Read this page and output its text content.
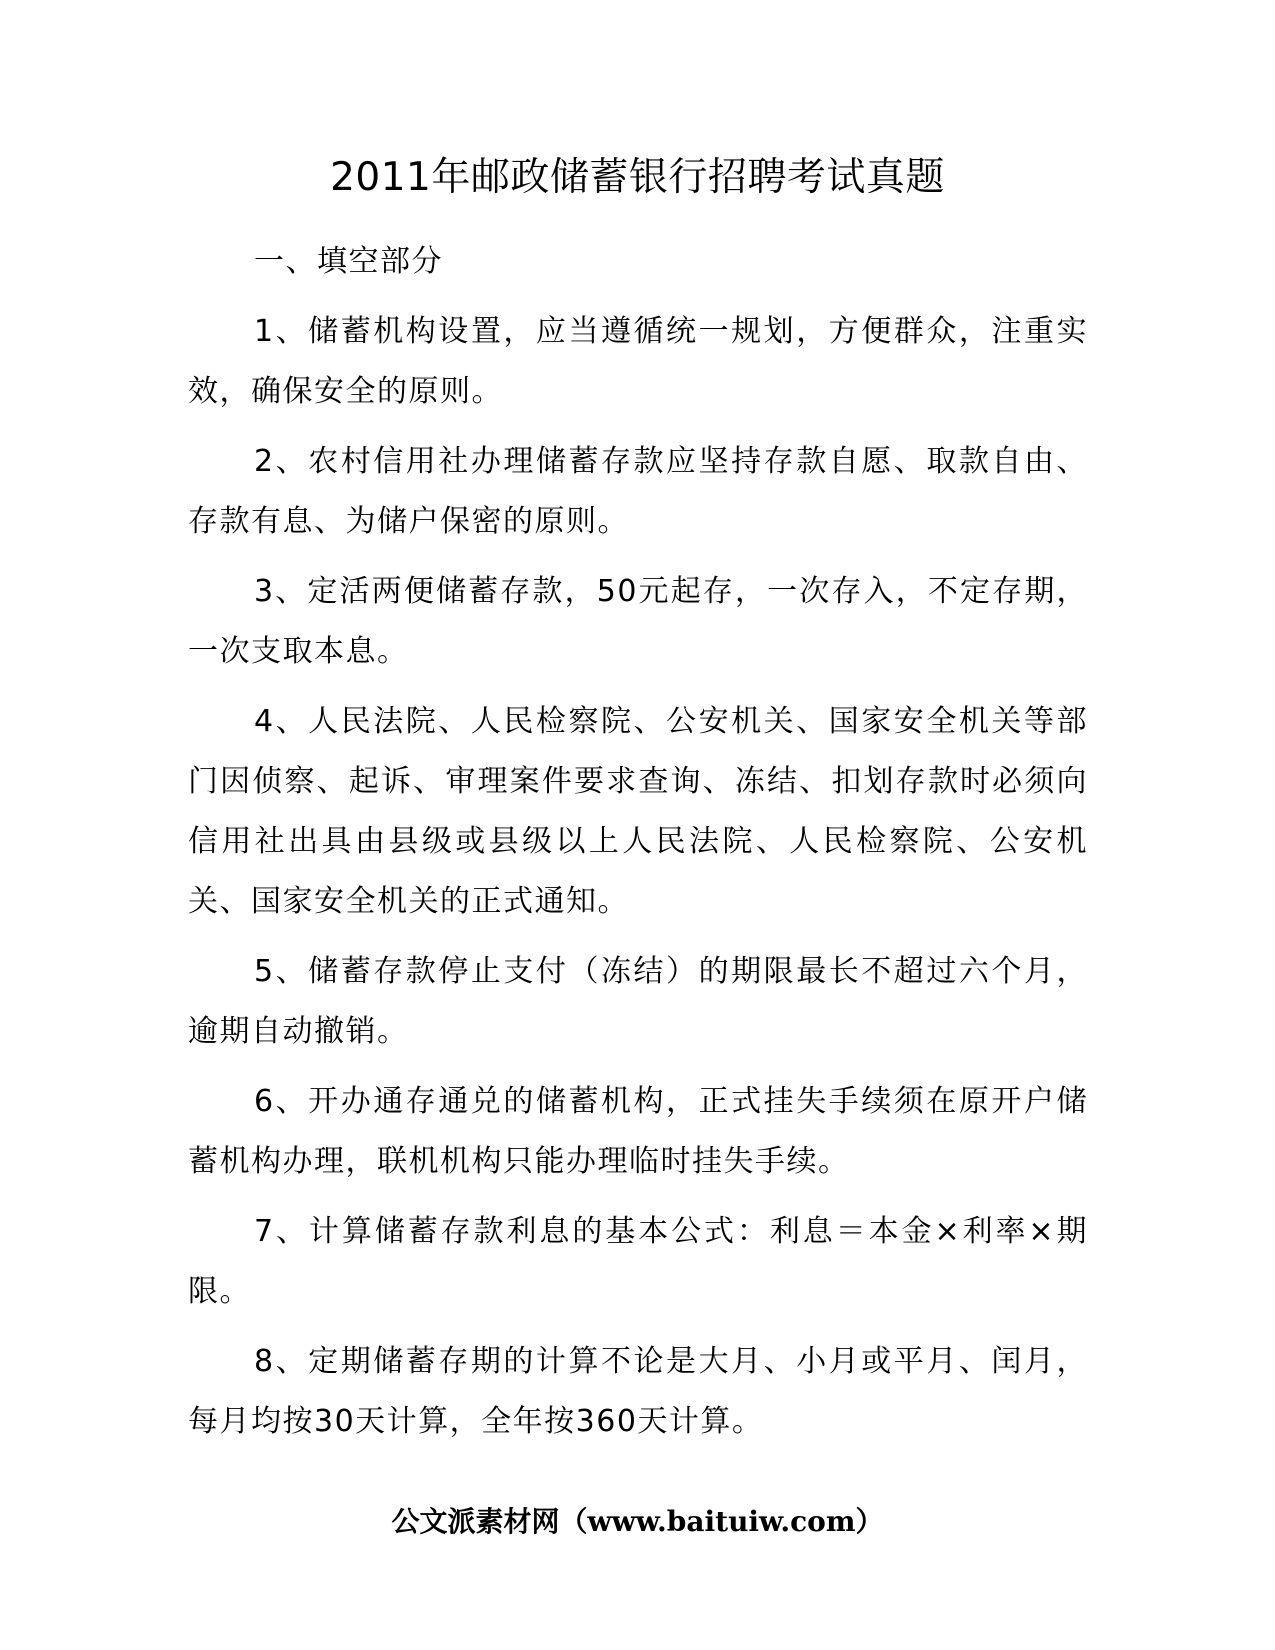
2011年邮政储蓄银行招聘考试真题

一、填空部分

1、储蓄机构设置，应当遵循统一规划，方便群众，注重实效，确保安全的原则。

2、农村信用社办理储蓄存款应坚持存款自愿、取款自由、存款有息、为储户保密的原则。

3、定活两便储蓄存款，50元起存，一次存入，不定存期，一次支取本息。

4、人民法院、人民检察院、公安机关、国家安全机关等部门因侦察、起诉、审理案件要求查询、冻结、扣划存款时必须向信用社出具由县级或县级以上人民法院、人民检察院、公安机关、国家安全机关的正式通知。

5、储蓄存款停止支付（冻结）的期限最长不超过六个月，逾期自动撤销。

6、开办通存通兑的储蓄机构，正式挂失手续须在原开户储蓄机构办理，联机机构只能办理临时挂失手续。

7、计算储蓄存款利息的基本公式：利息＝本金×利率×期限。

8、定期储蓄存期的计算不论是大月、小月或平月、闰月，每月均按30天计算，全年按360天计算。

公文派素材网（www.baituiw.com）
